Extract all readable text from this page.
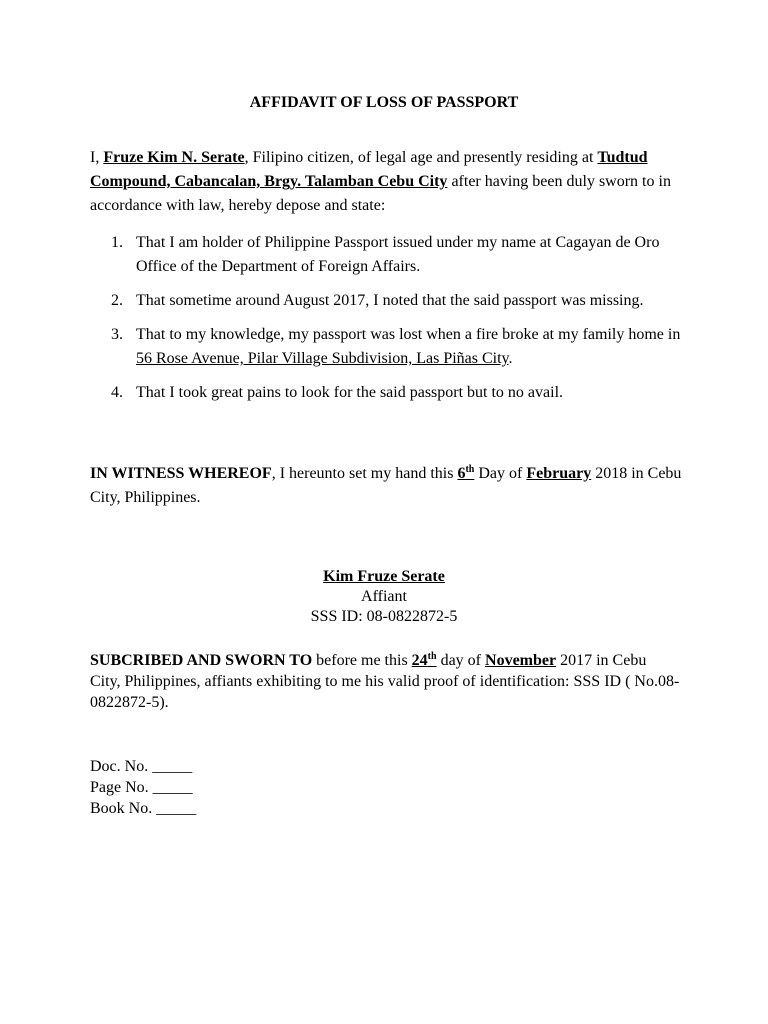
AFFIDAVIT OF LOSS OF PASSPORT
I, Fruze Kim N. Serate, Filipino citizen, of legal age and presently residing at Tudtud Compound, Cabancalan, Brgy. Talamban Cebu City after having been duly sworn to in accordance with law, hereby depose and state:
1. That I am holder of Philippine Passport issued under my name at Cagayan de Oro Office of the Department of Foreign Affairs.
2. That sometime around August 2017, I noted that the said passport was missing.
3. That to my knowledge, my passport was lost when a fire broke at my family home in 56 Rose Avenue, Pilar Village Subdivision, Las Piñas City.
4. That I took great pains to look for the said passport but to no avail.
IN WITNESS WHEREOF, I hereunto set my hand this 6th Day of February 2018 in Cebu City, Philippines.
Kim Fruze Serate
Affiant
SSS ID: 08-0822872-5
SUBCRIBED AND SWORN TO before me this 24th day of November 2017 in Cebu City, Philippines, affiants exhibiting to me his valid proof of identification: SSS ID ( No.08-0822872-5).
Doc. No. _____
Page No. _____
Book No. _____
